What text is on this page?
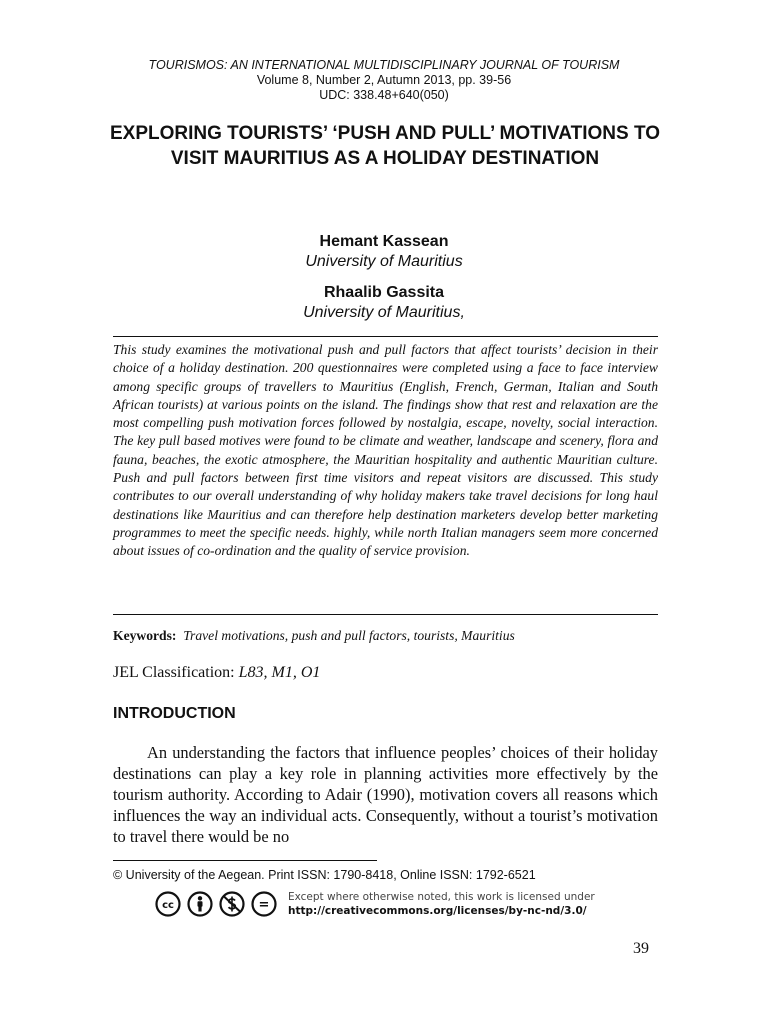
TOURISMOS: AN INTERNATIONAL MULTIDISCIPLINARY JOURNAL OF TOURISM
Volume 8, Number 2, Autumn 2013, pp. 39-56
UDC: 338.48+640(050)
EXPLORING TOURISTS’ ‘PUSH AND PULL’ MOTIVATIONS TO VISIT MAURITIUS AS A HOLIDAY DESTINATION
Hemant Kassean
University of Mauritius
Rhaalib Gassita
University of Mauritius,
This study examines the motivational push and pull factors that affect tourists’ decision in their choice of a holiday destination. 200 questionnaires were completed using a face to face interview among specific groups of travellers to Mauritius (English, French, German, Italian and South African tourists) at various points on the island. The findings show that rest and relaxation are the most compelling push motivation forces followed by nostalgia, escape, novelty, social interaction. The key pull based motives were found to be climate and weather, landscape and scenery, flora and fauna, beaches, the exotic atmosphere, the Mauritian hospitality and authentic Mauritian culture. Push and pull factors between first time visitors and repeat visitors are discussed. This study contributes to our overall understanding of why holiday makers take travel decisions for long haul destinations like Mauritius and can therefore help destination marketers develop better marketing programmes to meet the specific needs. highly, while north Italian managers seem more concerned about issues of co-ordination and the quality of service provision.
Keywords: Travel motivations, push and pull factors, tourists, Mauritius
JEL Classification: L83, M1, O1
INTRODUCTION
An understanding the factors that influence peoples’ choices of their holiday destinations can play a key role in planning activities more effectively by the tourism authority. According to Adair (1990), motivation covers all reasons which influences the way an individual acts. Consequently, without a tourist’s motivation to travel there would be no
© University of the Aegean. Print ISSN: 1790-8418, Online ISSN: 1792-6521
cc	=
Except where otherwise noted, this work is licensed under
http://creativecommons.org/licenses/by-nc-nd/3.0/
39
